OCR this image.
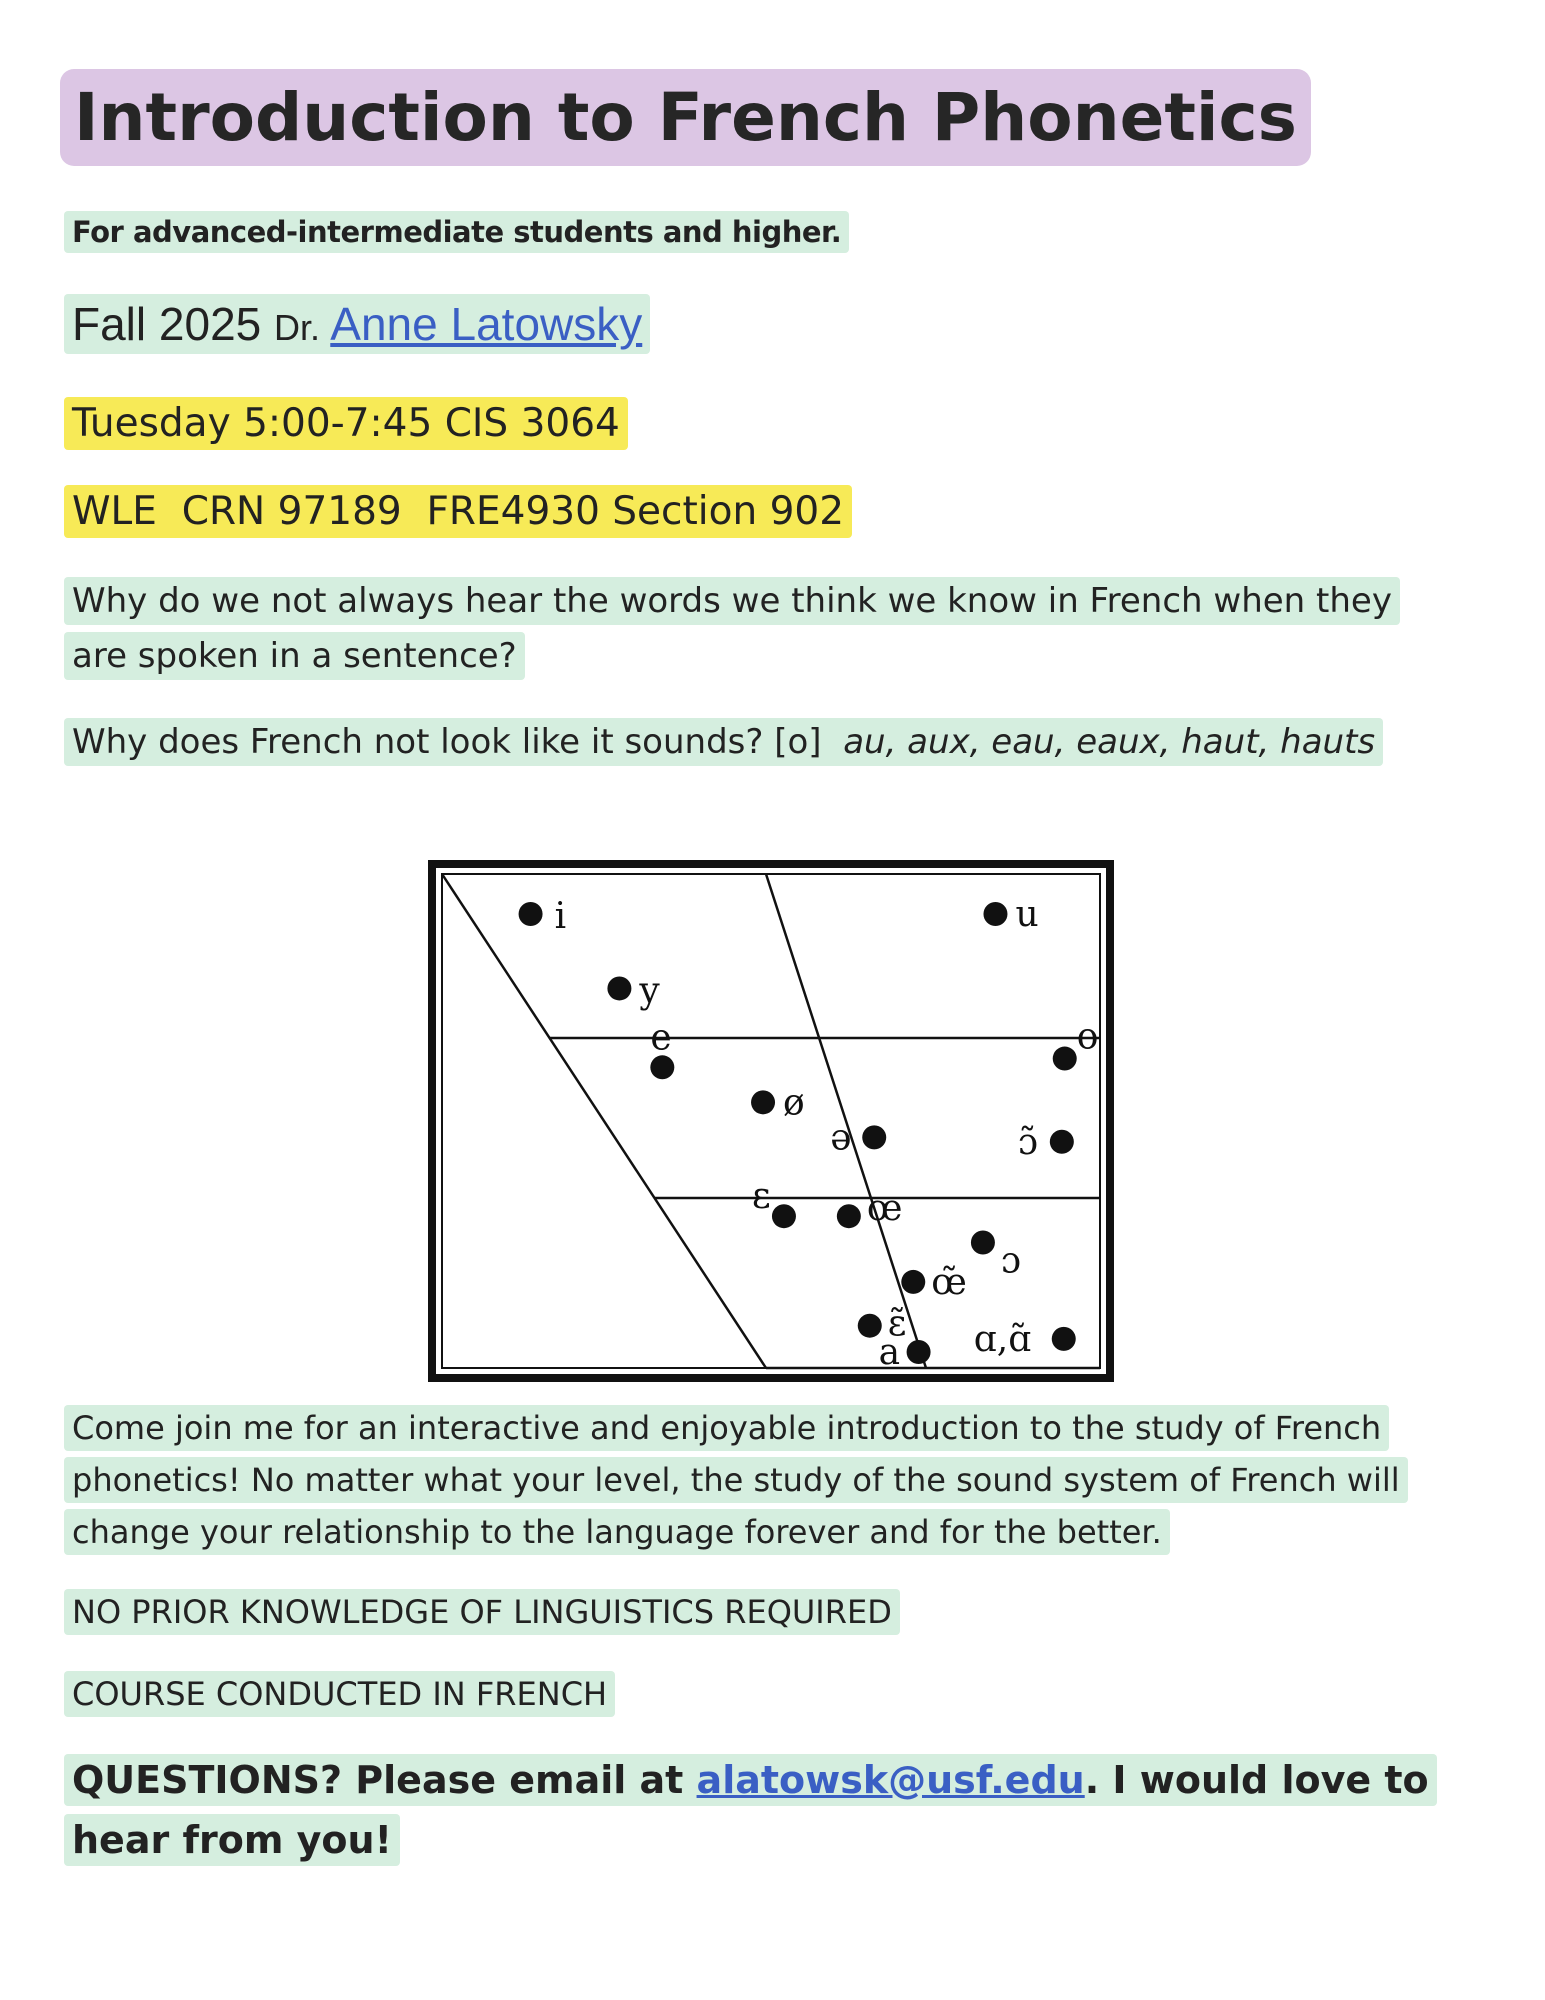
Introduction to French Phonetics

For advanced-intermediate students and higher.

Fall 2025 Dr. Anne Latowsky

Tuesday 5:00-7:45 CIS 3064

WLE  CRN 97189  FRE4930 Section 902

Why do we not always hear the words we think we know in French when they are spoken in a sentence?

Why does French not look like it sounds? [o] au, aux, eau, eaux, haut, hauts

i
y
e
ø
ə
ɛ	œ
œ̃
ɛ̃
a
u
o
ɔ̃
ɔ
ɑ,ɑ̃

Come join me for an interactive and enjoyable introduction to the study of French phonetics! No matter what your level, the study of the sound system of French will change your relationship to the language forever and for the better.

NO PRIOR KNOWLEDGE OF LINGUISTICS REQUIRED

COURSE CONDUCTED IN FRENCH

QUESTIONS? Please email at alatowsk@usf.edu. I would love to hear from you!
